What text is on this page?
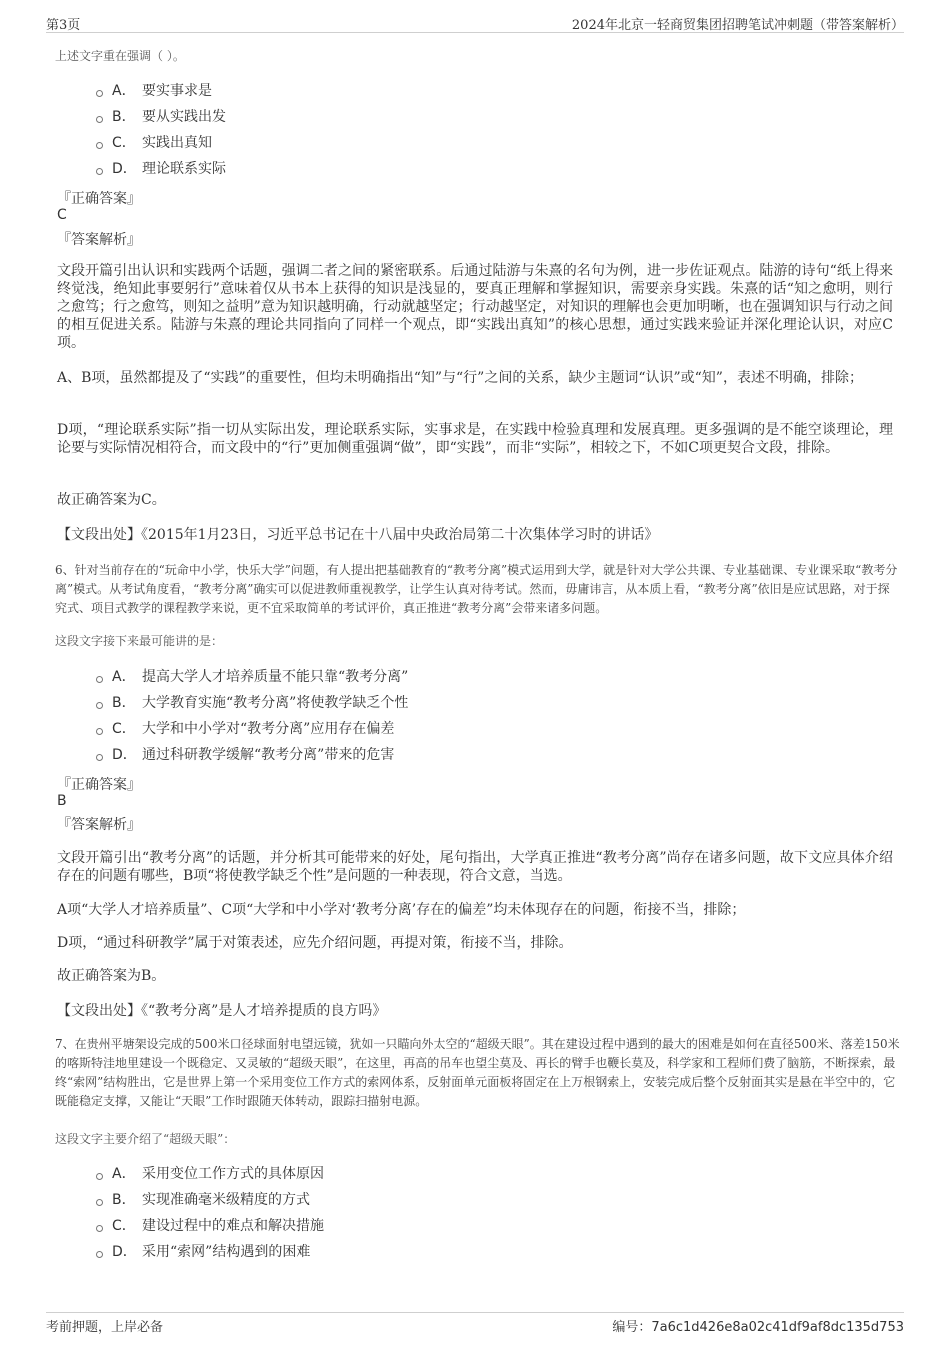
第3页	2024年北京一轻商贸集团招聘笔试冲刺题（带答案解析）
上述文字重在强调（ ）。
A． 要实事求是
B． 要从实践出发
C． 实践出真知
D． 理论联系实际
『正确答案』
C
『答案解析』
文段开篇引出认识和实践两个话题，强调二者之间的紧密联系。后通过陆游与朱熹的名句为例，进一步佐证观点。陆游的诗句“纸上得来终觉浅，绝知此事要躬行”意味着仅从书本上获得的知识是浅显的，要真正理解和掌握知识，需要亲身实践。朱熹的话“知之愈明，则行之愈笃；行之愈笃，则知之益明”意为知识越明确，行动就越坚定；行动越坚定，对知识的理解也会更加明晰，也在强调知识与行动之间的相互促进关系。陆游与朱熹的理论共同指向了同样一个观点，即“实践出真知”的核心思想，通过实践来验证并深化理论认识，对应C项。
A、B项，虽然都提及了“实践”的重要性，但均未明确指出“知”与“行”之间的关系，缺少主题词“认识”或“知”，表述不明确，排除；
D项，“理论联系实际”指一切从实际出发，理论联系实际，实事求是，在实践中检验真理和发展真理。更多强调的是不能空谈理论，理论要与实际情况相符合，而文段中的“行”更加侧重强调“做”，即“实践”，而非“实际”，相较之下，不如C项更契合文段，排除。
故正确答案为C。
【文段出处】《2015年1月23日，习近平总书记在十八届中央政治局第二十次集体学习时的讲话》
6、针对当前存在的“玩命中小学，快乐大学”问题，有人提出把基础教育的“教考分离”模式运用到大学，就是针对大学公共课、专业基础课、专业课采取“教考分离”模式。从考试角度看，“教考分离”确实可以促进教师重视教学，让学生认真对待考试。然而，毋庸讳言，从本质上看，“教考分离”依旧是应试思路，对于探究式、项目式教学的课程教学来说，更不宜采取简单的考试评价，真正推进“教考分离”会带来诸多问题。
这段文字接下来最可能讲的是：
A． 提高大学人才培养质量不能只靠“教考分离”
B． 大学教育实施“教考分离”将使教学缺乏个性
C． 大学和中小学对“教考分离”应用存在偏差
D． 通过科研教学缓解“教考分离”带来的危害
『正确答案』
B
『答案解析』
文段开篇引出“教考分离”的话题，并分析其可能带来的好处，尾句指出，大学真正推进“教考分离”尚存在诸多问题，故下文应具体介绍存在的问题有哪些，B项“将使教学缺乏个性”是问题的一种表现，符合文意，当选。
A项“大学人才培养质量”、C项“大学和中小学对‘教考分离’存在的偏差”均未体现存在的问题，衔接不当，排除；
D项，“通过科研教学”属于对策表述，应先介绍问题，再提对策，衔接不当，排除。
故正确答案为B。
【文段出处】《“教考分离”是人才培养提质的良方吗》
7、在贵州平塘架设完成的500米口径球面射电望远镜，犹如一只瞄向外太空的“超级天眼”。其在建设过程中遇到的最大的困难是如何在直径500米、落差150米的喀斯特洼地里建设一个既稳定、又灵敏的“超级天眼”，在这里，再高的吊车也望尘莫及、再长的臂手也鞭长莫及，科学家和工程师们费了脑筋，不断探索，最终“索网”结构胜出，它是世界上第一个采用变位工作方式的索网体系，反射面单元面板将固定在上万根钢索上，安装完成后整个反射面其实是悬在半空中的，它既能稳定支撑，又能让“天眼”工作时跟随天体转动，跟踪扫描射电源。
这段文字主要介绍了“超级天眼”：
A． 采用变位工作方式的具体原因
B． 实现准确毫米级精度的方式
C． 建设过程中的难点和解决措施
D． 采用“索网”结构遇到的困难
考前押题，上岸必备	编号：7a6c1d426e8a02c41df9af8dc135d753
